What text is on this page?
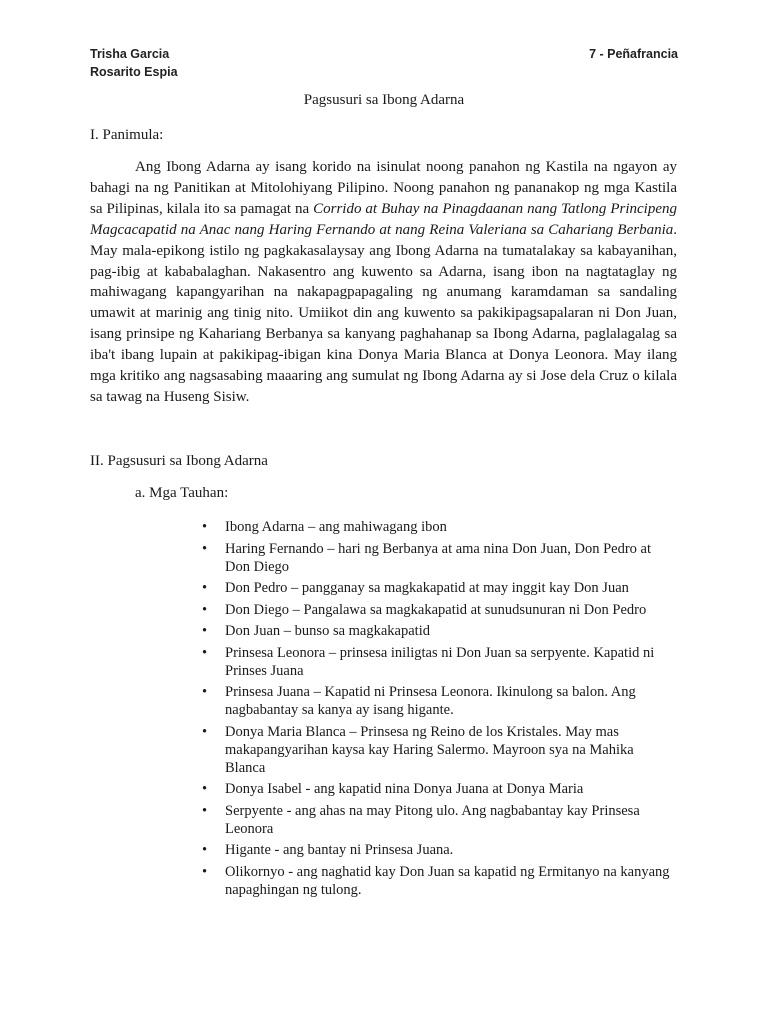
Trisha Garcia
Rosarito Espia
7 - Peñafrancia
Pagsusuri sa Ibong Adarna
I. Panimula:

Ang Ibong Adarna ay isang korido na isinulat noong panahon ng Kastila na ngayon ay bahagi na ng Panitikan at Mitolohiyang Pilipino. Noong panahon ng pananakop ng mga Kastila sa Pilipinas, kilala ito sa pamagat na Corrido at Buhay na Pinagdaanan nang Tatlong Principeng Magcacapatid na Anac nang Haring Fernando at nang Reina Valeriana sa Cahariang Berbania. May mala-epikong istilo ng pagkakasalaysay ang Ibong Adarna na tumatalakay sa kabayanihan, pag-ibig at kababalaghan. Nakasentro ang kuwento sa Adarna, isang ibon na nagtataglay ng mahiwagang kapangyarihan na nakapagpapagaling ng anumang karamdaman sa sandaling umawit at marinig ang tinig nito. Umiikot din ang kuwento sa pakikipagsapalaran ni Don Juan, isang prinsipe ng Kahariang Berbanya sa kanyang paghahanap sa Ibong Adarna, paglalagalag sa iba't ibang lupain at pakikipag-ibigan kina Donya Maria Blanca at Donya Leonora. May ilang mga kritiko ang nagsasabing maaaring ang sumulat ng Ibong Adarna ay si Jose dela Cruz o kilala sa tawag na Huseng Sisiw.

II. Pagsusuri sa Ibong Adarna
a. Mga Tauhan:
• Ibong Adarna – ang mahiwagang ibon
• Haring Fernando – hari ng Berbanya at ama nina Don Juan, Don Pedro at Don Diego
• Don Pedro – pangganay sa magkakapatid at may inggit kay Don Juan
• Don Diego – Pangalawa sa magkakapatid at sunudsunuran ni Don Pedro
• Don Juan – bunso sa magkakapatid
• Prinsesa Leonora – prinsesa iniligtas ni Don Juan sa serpyente. Kapatid ni Prinses Juana
• Prinsesa Juana – Kapatid ni Prinsesa Leonora. Ikinulong sa balon. Ang nagbabantay sa kanya ay isang higante.
• Donya Maria Blanca – Prinsesa ng Reino de los Kristales. May mas makapangyarihan kaysa kay Haring Salermo. Mayroon sya na Mahika Blanca
• Donya Isabel - ang kapatid nina Donya Juana at Donya Maria
• Serpyente - ang ahas na may Pitong ulo. Ang nagbabantay kay Prinsesa Leonora
• Higante - ang bantay ni Prinsesa Juana.
• Olikornyo - ang naghatid kay Don Juan sa kapatid ng Ermitanyo na kanyang napaghingan ng tulong.
